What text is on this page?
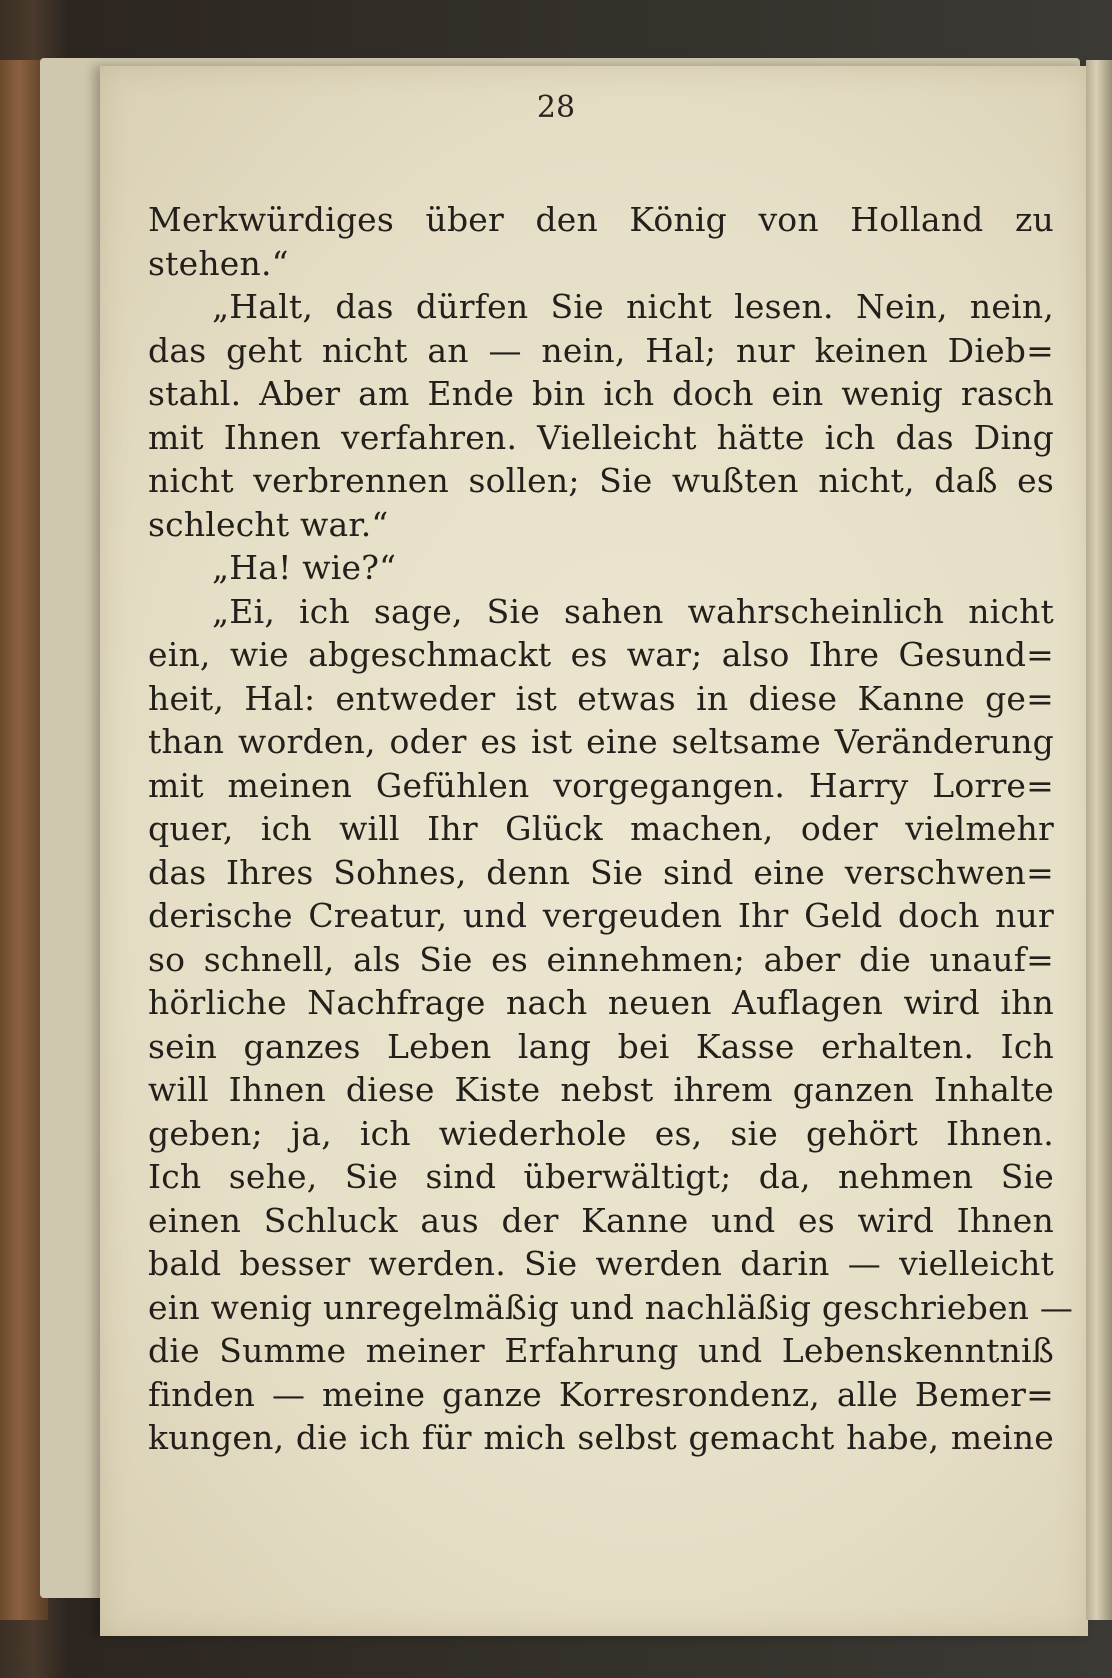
28
Merkwürdiges über den König von Holland zu
stehen.“
„Halt, das dürfen Sie nicht lesen. Nein, nein,
das geht nicht an — nein, Hal; nur keinen Dieb=
stahl. Aber am Ende bin ich doch ein wenig rasch
mit Ihnen verfahren. Vielleicht hätte ich das Ding
nicht verbrennen sollen; Sie wußten nicht, daß es
schlecht war.“
„Ha! wie?“
„Ei, ich sage, Sie sahen wahrscheinlich nicht
ein, wie abgeschmackt es war; also Ihre Gesund=
heit, Hal: entweder ist etwas in diese Kanne ge=
than worden, oder es ist eine seltsame Veränderung
mit meinen Gefühlen vorgegangen. Harry Lorre=
quer, ich will Ihr Glück machen, oder vielmehr
das Ihres Sohnes, denn Sie sind eine verschwen=
derische Creatur, und vergeuden Ihr Geld doch nur
so schnell, als Sie es einnehmen; aber die unauf=
hörliche Nachfrage nach neuen Auflagen wird ihn
sein ganzes Leben lang bei Kasse erhalten. Ich
will Ihnen diese Kiste nebst ihrem ganzen Inhalte
geben; ja, ich wiederhole es, sie gehört Ihnen.
Ich sehe, Sie sind überwältigt; da, nehmen Sie
einen Schluck aus der Kanne und es wird Ihnen
bald besser werden. Sie werden darin — vielleicht
ein wenig unregelmäßig und nachläßig geschrieben —
die Summe meiner Erfahrung und Lebenskenntniß
finden — meine ganze Korresrondenz, alle Bemer=
kungen, die ich für mich selbst gemacht habe, meine
